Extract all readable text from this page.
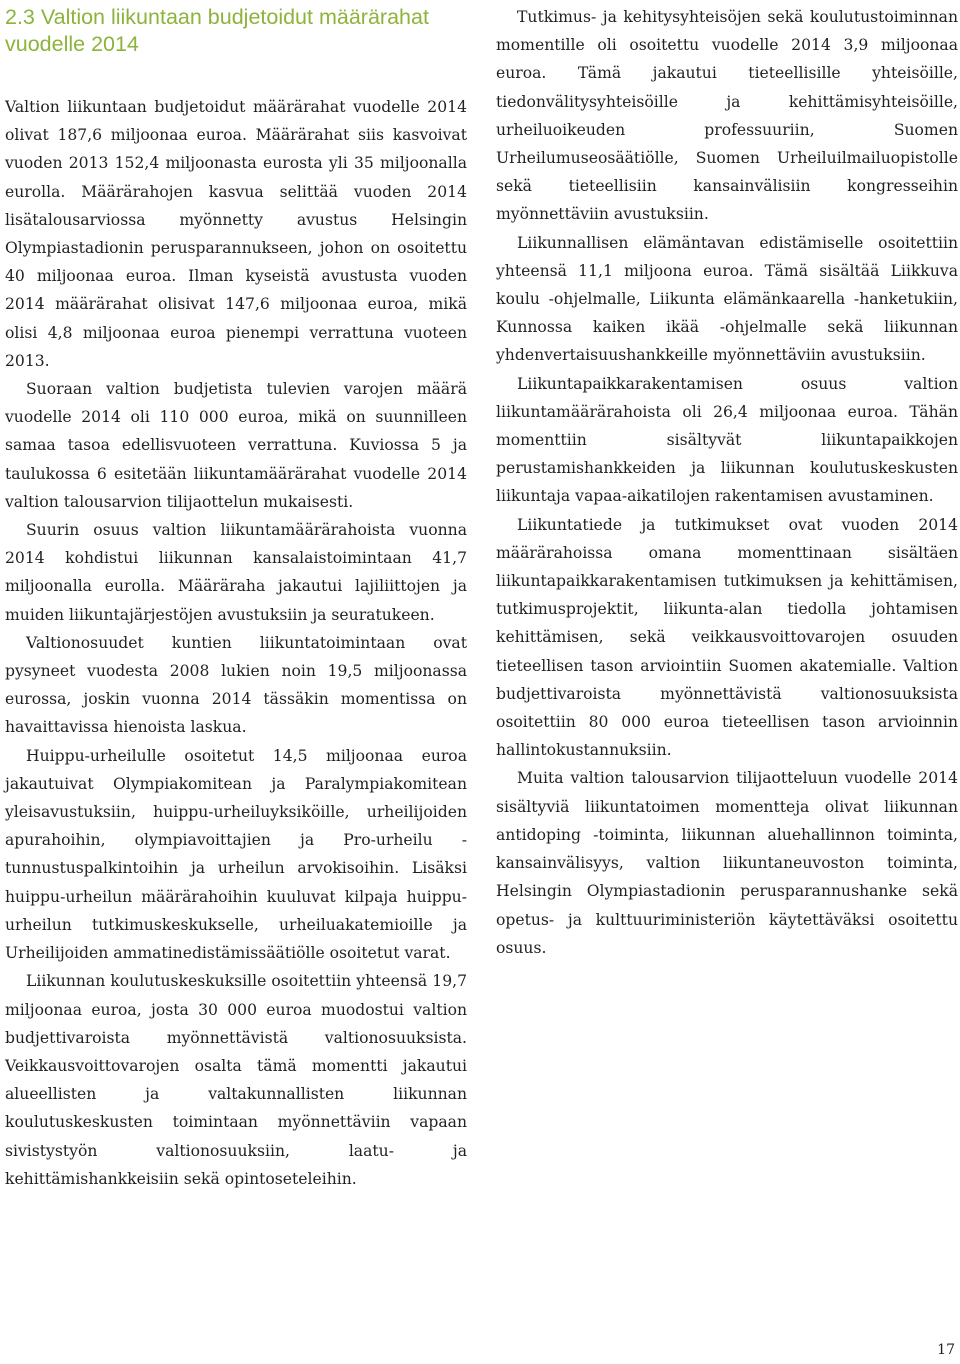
2.3 Valtion liikuntaan budjetoidut määrärahat vuodelle 2014

Valtion liikuntaan budjetoidut määrärahat vuodelle 2014 olivat 187,6 miljoonaa euroa. Määrärahat siis kasvoivat vuoden 2013 152,4 miljoonasta eurosta yli 35 miljoonalla eurolla. Määrärahojen kasvua selittää vuoden 2014 lisätalousarviossa myönnetty avustus Helsingin Olympiastadionin perusparannukseen, johon on osoitettu 40 miljoonaa euroa. Ilman kyseistä avustusta vuoden 2014 määrärahat olisivat 147,6 miljoonaa euroa, mikä olisi 4,8 miljoonaa euroa pienempi verrattuna vuoteen 2013.

Suoraan valtion budjetista tulevien varojen määrä vuodelle 2014 oli 110 000 euroa, mikä on suunnilleen samaa tasoa edellisvuoteen verrattuna. Kuviossa 5 ja taulukossa 6 esitetään liikuntamäärärahat vuodelle 2014 valtion talousarvion tilijaottelun mukaisesti.

Suurin osuus valtion liikuntamäärärahoista vuonna 2014 kohdistui liikunnan kansalaistoimintaan 41,7 miljoonalla eurolla. Määräraha jakautui lajiliittojen ja muiden liikuntajärjestöjen avustuksiin ja seuratukeen.

Valtionosuudet kuntien liikuntatoimintaan ovat pysyneet vuodesta 2008 lukien noin 19,5 miljoonassa eurossa, joskin vuonna 2014 tässäkin momentissa on havaittavissa hienoista laskua.

Huippu-urheilulle osoitetut 14,5 miljoonaa euroa jakautuivat Olympiakomitean ja Paralympiakomitean yleisavustuksiin, huippu-urheiluyksiköille, urheilijoiden apurahoihin, olympiavoittajien ja Pro-urheilu -tunnustuspalkintoihin ja urheilun arvokisoihin. Lisäksi huippu-urheilun määrärahoihin kuuluvat kilpaja huippu-urheilun tutkimuskeskukselle, urheiluakatemioille ja Urheilijoiden ammatinedistämissäätiölle osoitetut varat.

Liikunnan koulutuskeskuksille osoitettiin yhteensä 19,7 miljoonaa euroa, josta 30 000 euroa muodostui valtion budjettivaroista myönnettävistä valtionosuuksista. Veikkausvoittovarojen osalta tämä momentti jakautui alueellisten ja valtakunnallisten liikunnan koulutuskeskusten toimintaan myönnettäviin vapaan sivistystyön valtionosuuksiin, laatu- ja kehittämishankkeisiin sekä opintoseteleihin.

Tutkimus- ja kehitysyhteisöjen sekä koulutustoiminnan momentille oli osoitettu vuodelle 2014 3,9 miljoonaa euroa. Tämä jakautui tieteellisille yhteisöille, tiedonvälitysyhteisöille ja kehittämisyhteisöille, urheiluoikeuden professuuriin, Suomen Urheilumuseosäätiölle, Suomen Urheiluilmailuopistolle sekä tieteellisiin kansainvälisiin kongresseihin myönnettäviin avustuksiin.

Liikunnallisen elämäntavan edistämiselle osoitettiin yhteensä 11,1 miljoona euroa. Tämä sisältää Liikkuva koulu -ohjelmalle, Liikunta elämänkaarella -hanketukiin, Kunnossa kaiken ikää -ohjelmalle sekä liikunnan yhdenvertaisuushankkeille myönnettäviin avustuksiin.

Liikuntapaikkarakentamisen osuus valtion liikuntamäärärahoista oli 26,4 miljoonaa euroa. Tähän momenttiin sisältyvät liikuntapaikkojen perustamishankkeiden ja liikunnan koulutuskeskusten liikuntaja vapaa-aikatilojen rakentamisen avustaminen.

Liikuntatiede ja tutkimukset ovat vuoden 2014 määrärahoissa omana momenttinaan sisältäen liikuntapaikkarakentamisen tutkimuksen ja kehittämisen, tutkimusprojektit, liikunta-alan tiedolla johtamisen kehittämisen, sekä veikkausvoittovarojen osuuden tieteellisen tason arviointiin Suomen akatemialle. Valtion budjettivaroista myönnettävistä valtionosuuksista osoitettiin 80 000 euroa tieteellisen tason arvioinnin hallintokustannuksiin.

Muita valtion talousarvion tilijaotteluun vuodelle 2014 sisältyviä liikuntatoimen momentteja olivat liikunnan antidoping -toiminta, liikunnan aluehallinnon toiminta, kansainvälisyys, valtion liikuntaneuvoston toiminta, Helsingin Olympiastadionin perusparannushanke sekä opetus- ja kulttuuriministeriön käytettäväksi osoitettu osuus.

17
